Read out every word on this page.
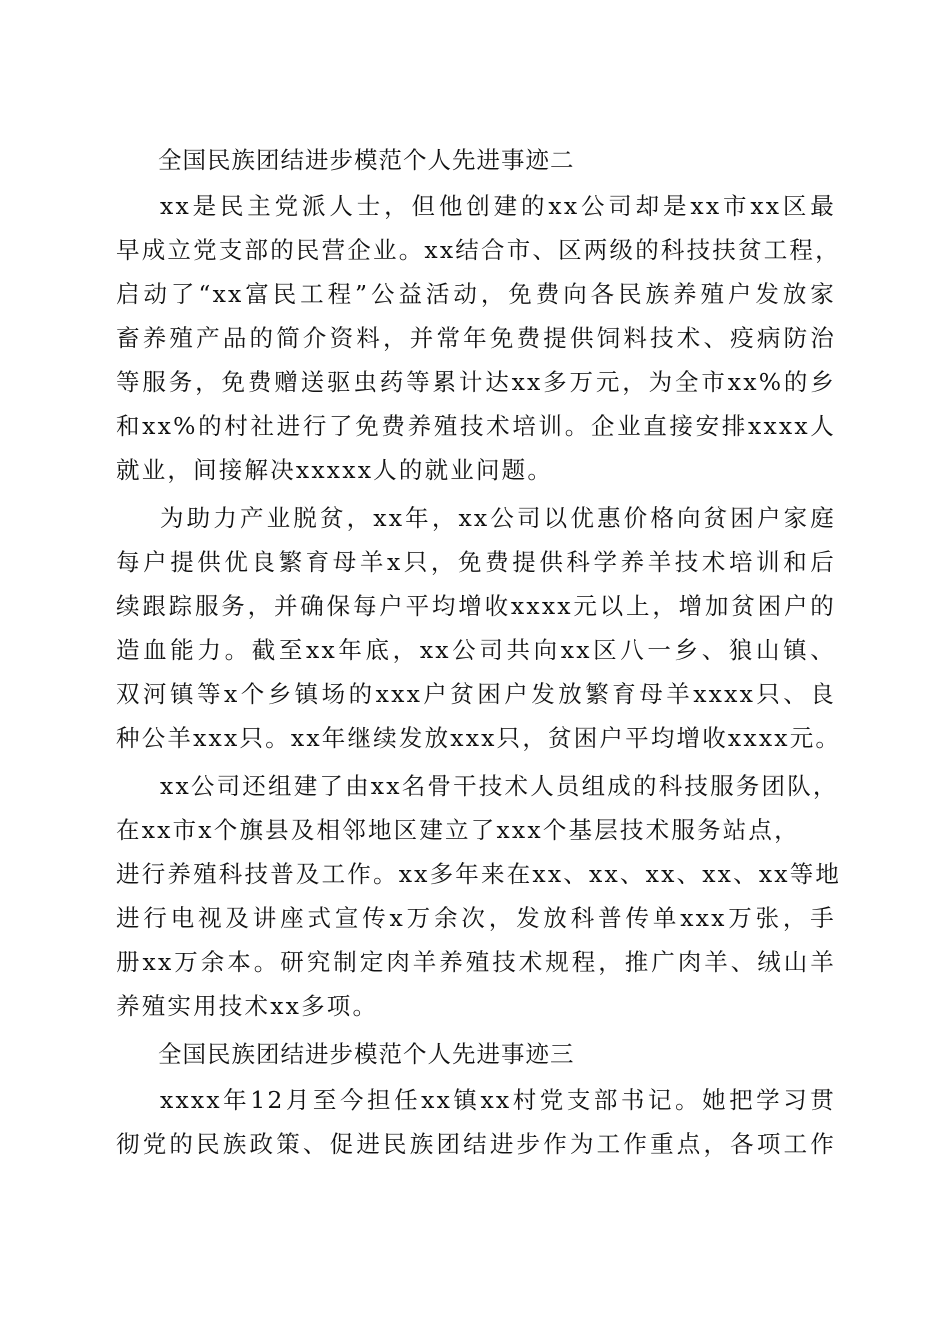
全国民族团结进步模范个人先进事迹二

xx是民主党派人士，但他创建的xx公司却是xx市xx区最
早成立党支部的民营企业。xx结合市、区两级的科技扶贫工程，
启动了“xx富民工程”公益活动，免费向各民族养殖户发放家
畜养殖产品的简介资料，并常年免费提供饲料技术、疫病防治
等服务，免费赠送驱虫药等累计达xx多万元，为全市xx%的乡
和xx%的村社进行了免费养殖技术培训。企业直接安排xxxx人
就业，间接解决xxxxx人的就业问题。

为助力产业脱贫，xx年，xx公司以优惠价格向贫困户家庭
每户提供优良繁育母羊x只，免费提供科学养羊技术培训和后
续跟踪服务，并确保每户平均增收xxxx元以上，增加贫困户的
造血能力。截至xx年底，xx公司共向xx区八一乡、狼山镇、
双河镇等x个乡镇场的xxx户贫困户发放繁育母羊xxxx只、良
种公羊xxx只。xx年继续发放xxx只，贫困户平均增收xxxx元。

xx公司还组建了由xx名骨干技术人员组成的科技服务团队，
在xx市x个旗县及相邻地区建立了xxx个基层技术服务站点，
进行养殖科技普及工作。xx多年来在xx、xx、xx、xx、xx等地
进行电视及讲座式宣传x万余次，发放科普传单xxx万张，手
册xx万余本。研究制定肉羊养殖技术规程，推广肉羊、绒山羊
养殖实用技术xx多项。

全国民族团结进步模范个人先进事迹三

xxxx年12月至今担任xx镇xx村党支部书记。她把学习贯
彻党的民族政策、促进民族团结进步作为工作重点，各项工作
